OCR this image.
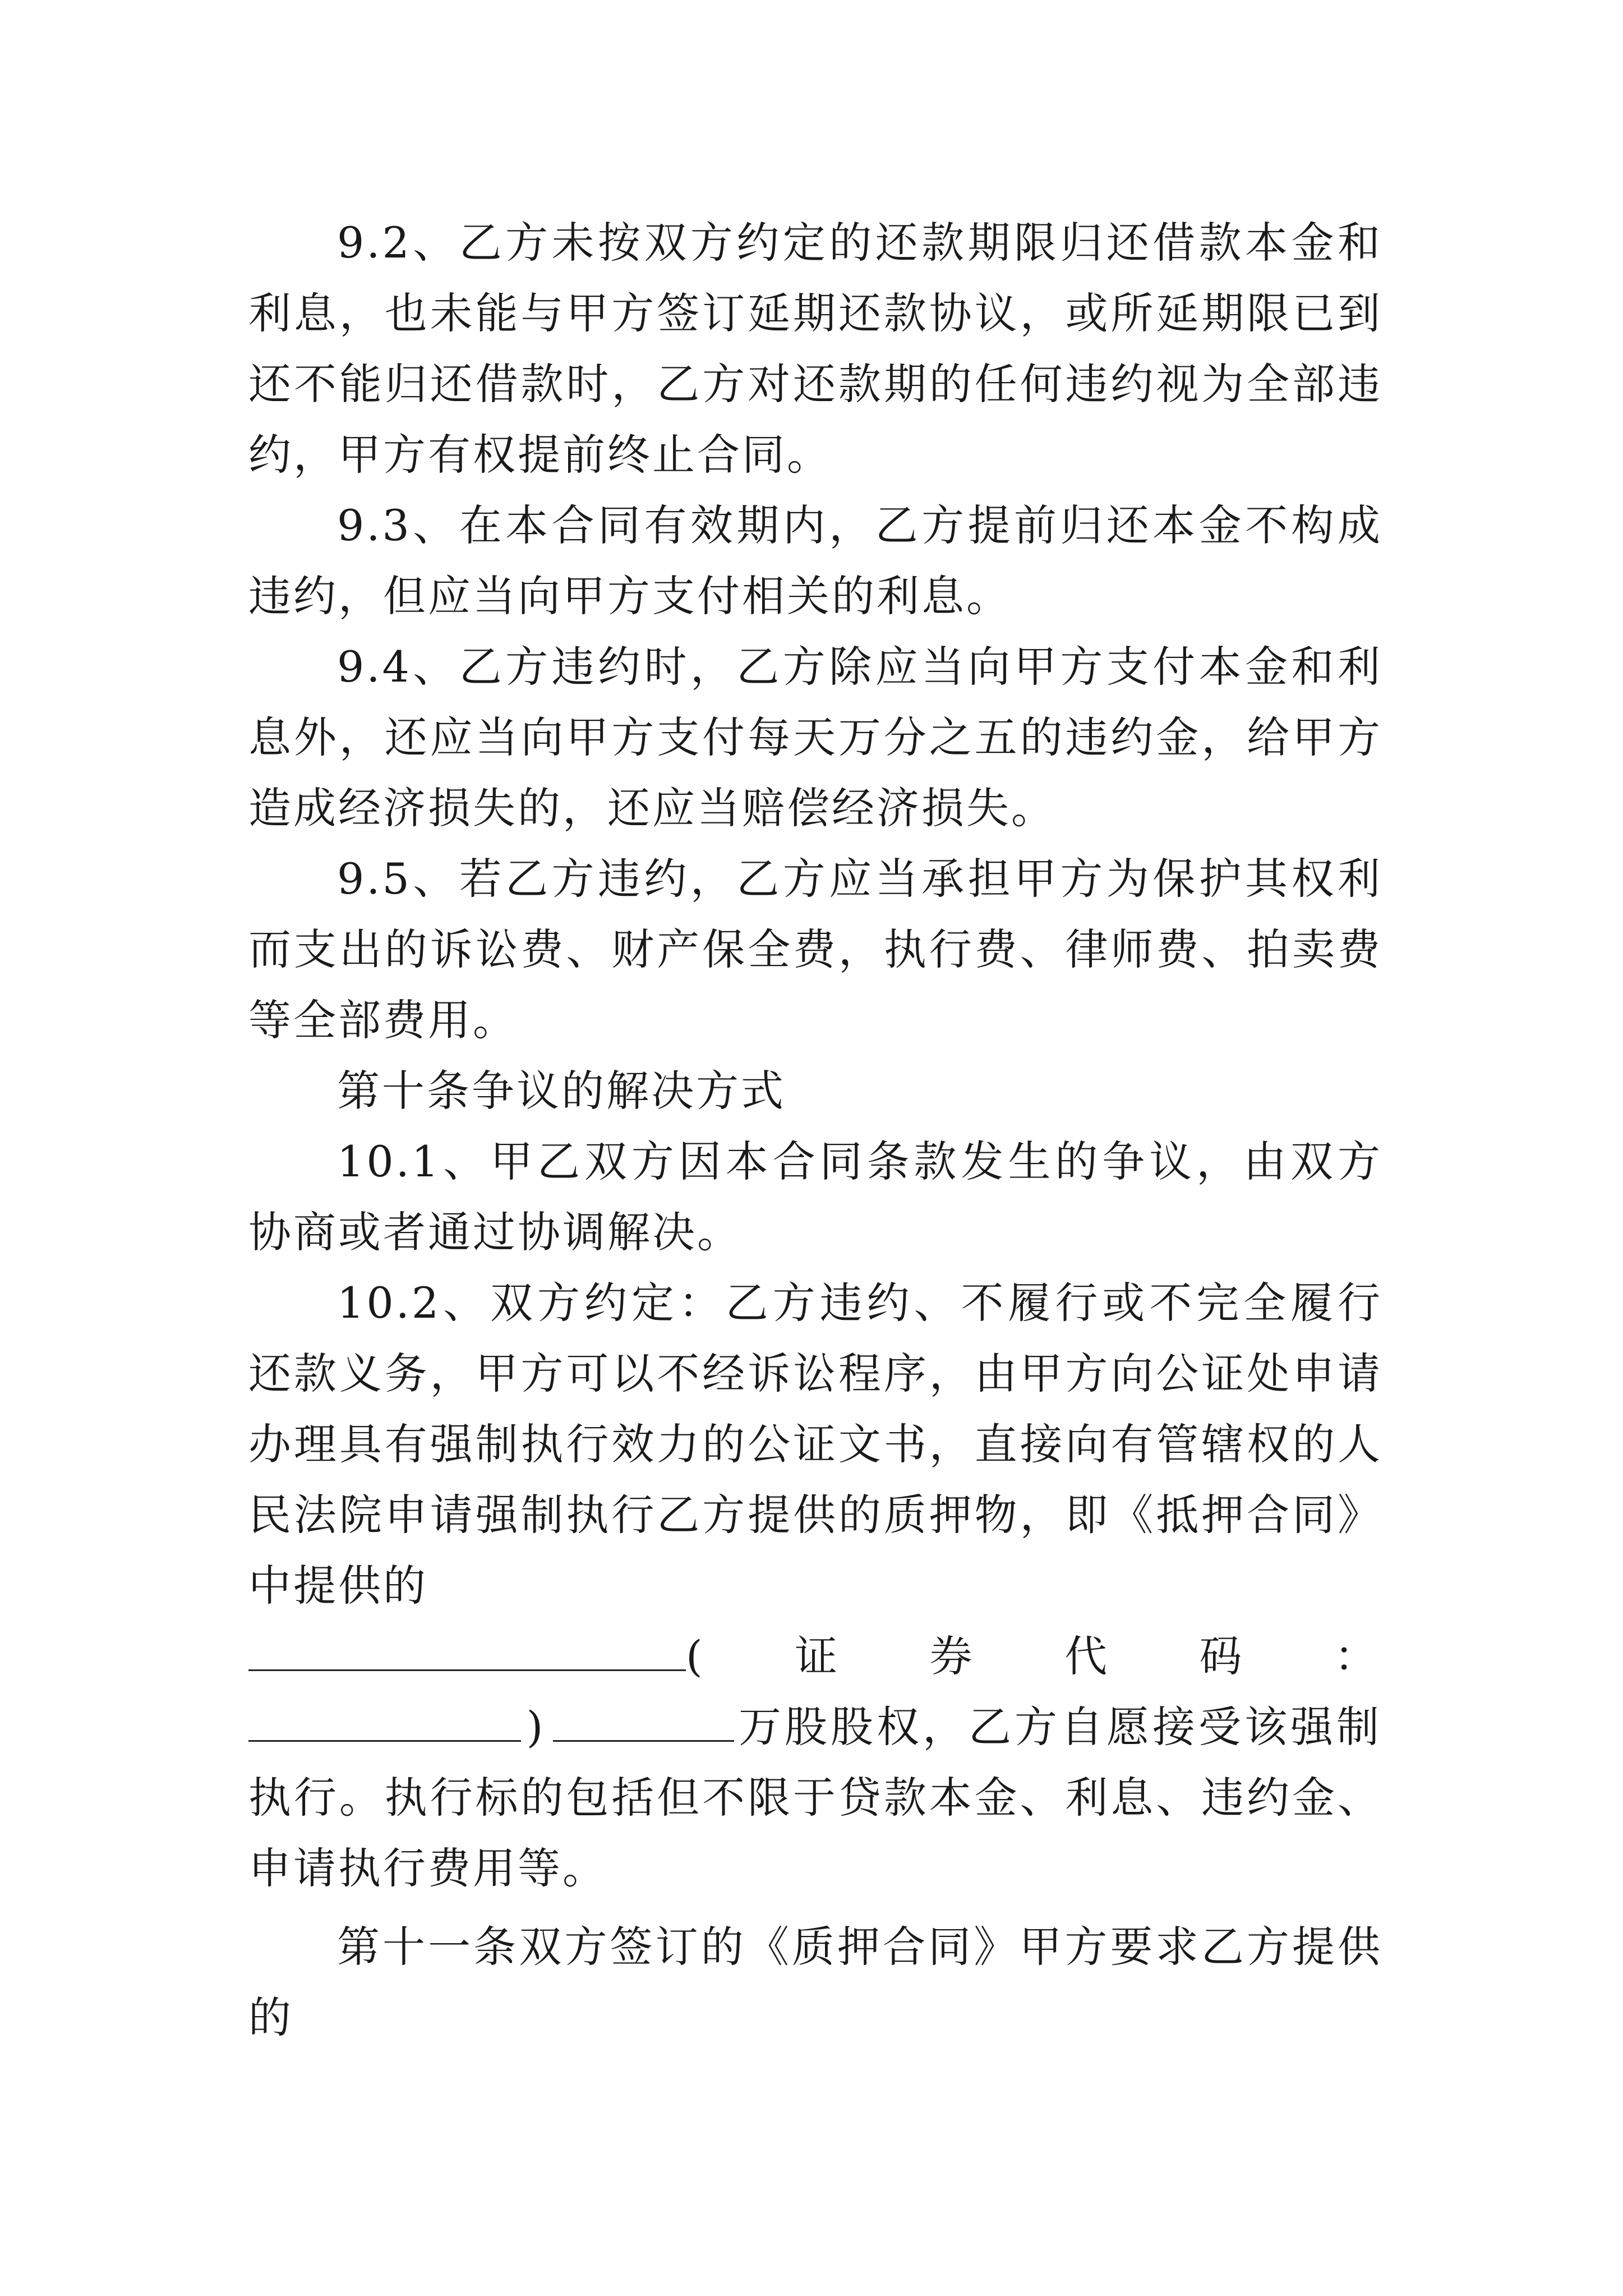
9.2、乙方未按双方约定的还款期限归还借款本金和利息，也未能与甲方签订延期还款协议，或所延期限已到还不能归还借款时，乙方对还款期的任何违约视为全部违约，甲方有权提前终止合同。

9.3、在本合同有效期内，乙方提前归还本金不构成违约，但应当向甲方支付相关的利息。

9.4、乙方违约时，乙方除应当向甲方支付本金和利息外，还应当向甲方支付每天万分之五的违约金，给甲方造成经济损失的，还应当赔偿经济损失。

9.5、若乙方违约，乙方应当承担甲方为保护其权利而支出的诉讼费、财产保全费，执行费、律师费、拍卖费等全部费用。

第十条争议的解决方式

10.1、甲乙双方因本合同条款发生的争议，由双方协商或者通过协调解决。

10.2、双方约定：乙方违约、不履行或不完全履行还款义务，甲方可以不经诉讼程序，由甲方向公证处申请办理具有强制执行效力的公证文书，直接向有管辖权的人民法院申请强制执行乙方提供的质押物，即《抵押合同》中提供的

( 证 券 代 码 ：
)	万股股权，乙方自愿接受该强制

执行。执行标的包括但不限于贷款本金、利息、违约金、申请执行费用等。

第十一条双方签订的《质押合同》甲方要求乙方提供的
